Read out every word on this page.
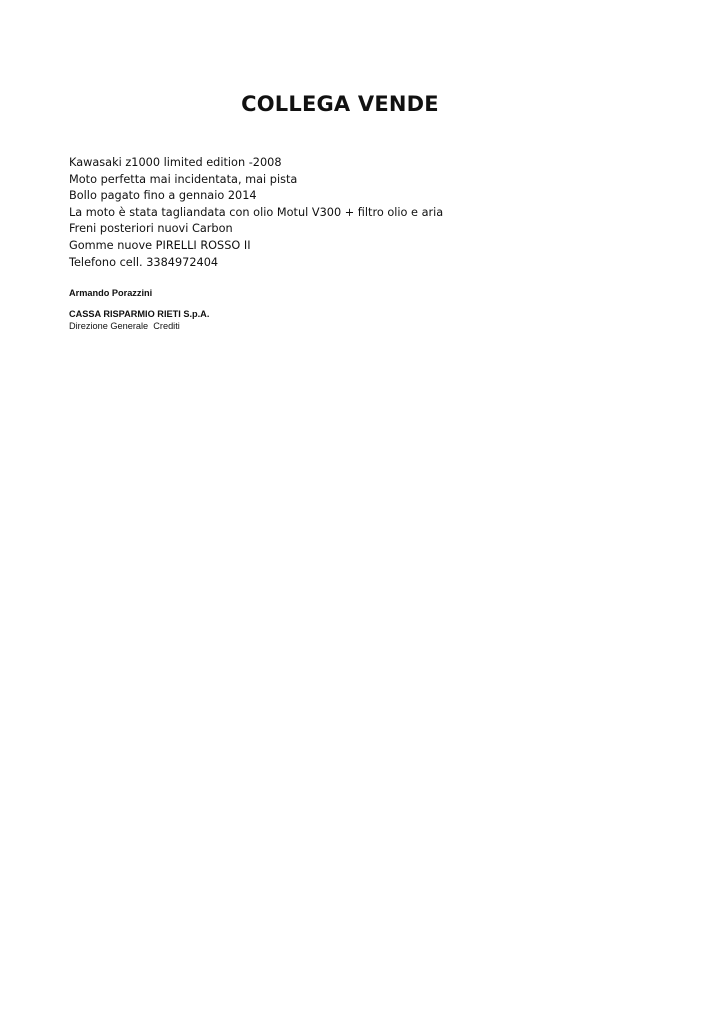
COLLEGA VENDE
Kawasaki z1000 limited edition -2008
Moto perfetta mai incidentata, mai pista
Bollo pagato fino a gennaio 2014
La moto è stata tagliandata con olio Motul V300 + filtro olio e aria
Freni posteriori nuovi Carbon
Gomme nuove PIRELLI ROSSO II
Telefono cell. 3384972404
Armando Porazzini
CASSA RISPARMIO RIETI S.p.A.
Direzione Generale  Crediti
